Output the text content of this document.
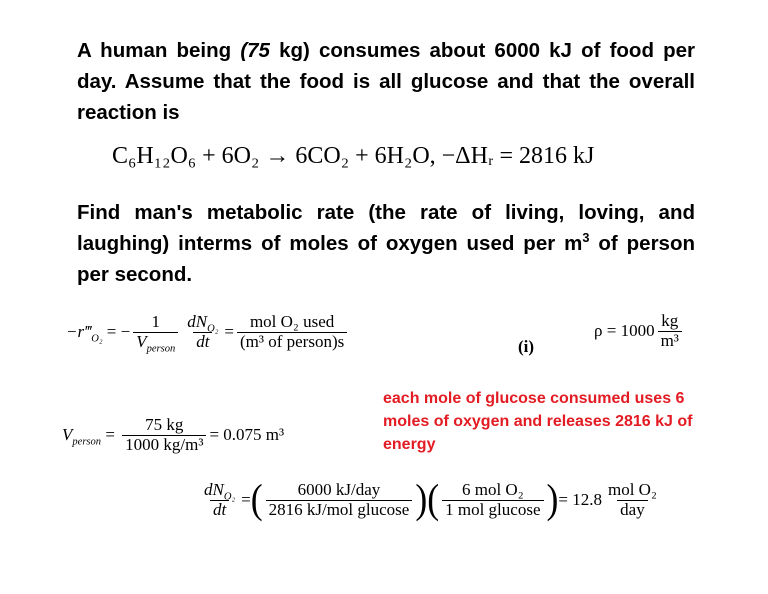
A human being (75 kg) consumes about 6000 kJ of food per day. Assume that the food is all glucose and that the overall reaction is

C₆H₁₂O₆ + 6O₂ → 6CO₂ + 6H₂O, −ΔHᵣ = 2816 kJ

Find man's metabolic rate (the rate of living, loving, and laughing) interms of moles of oxygen used per $m^3$ of person per second.

$-r‴_{O_2}$ = − $\frac{1}{V_{person}} \frac{dN_{O_2}}{dt} = \frac{\text{mol O₂ used}}{\text{(m³ of person)s}}$	(i)
$\rho = 1000 \frac{kg}{\text{m³}}$
each mole of glucose consumed uses 6 moles of oxygen and releases 2816 kJ of energy
$V_{person} = \frac{75 kg}{\text{1000 kg/m³}} = 0.075$ m³
$\frac{dN_{O_2}}{dt}$ = ( $\frac{\text{6000 kJ/day}}{\text{2816 kJ/mol glucose}}$ ) ( $\frac{\text{6 mol O₂}}{\text{1 mol glucose}}$ ) = $12.8 \frac{\text{mol O₂}}{\text{day}}$
